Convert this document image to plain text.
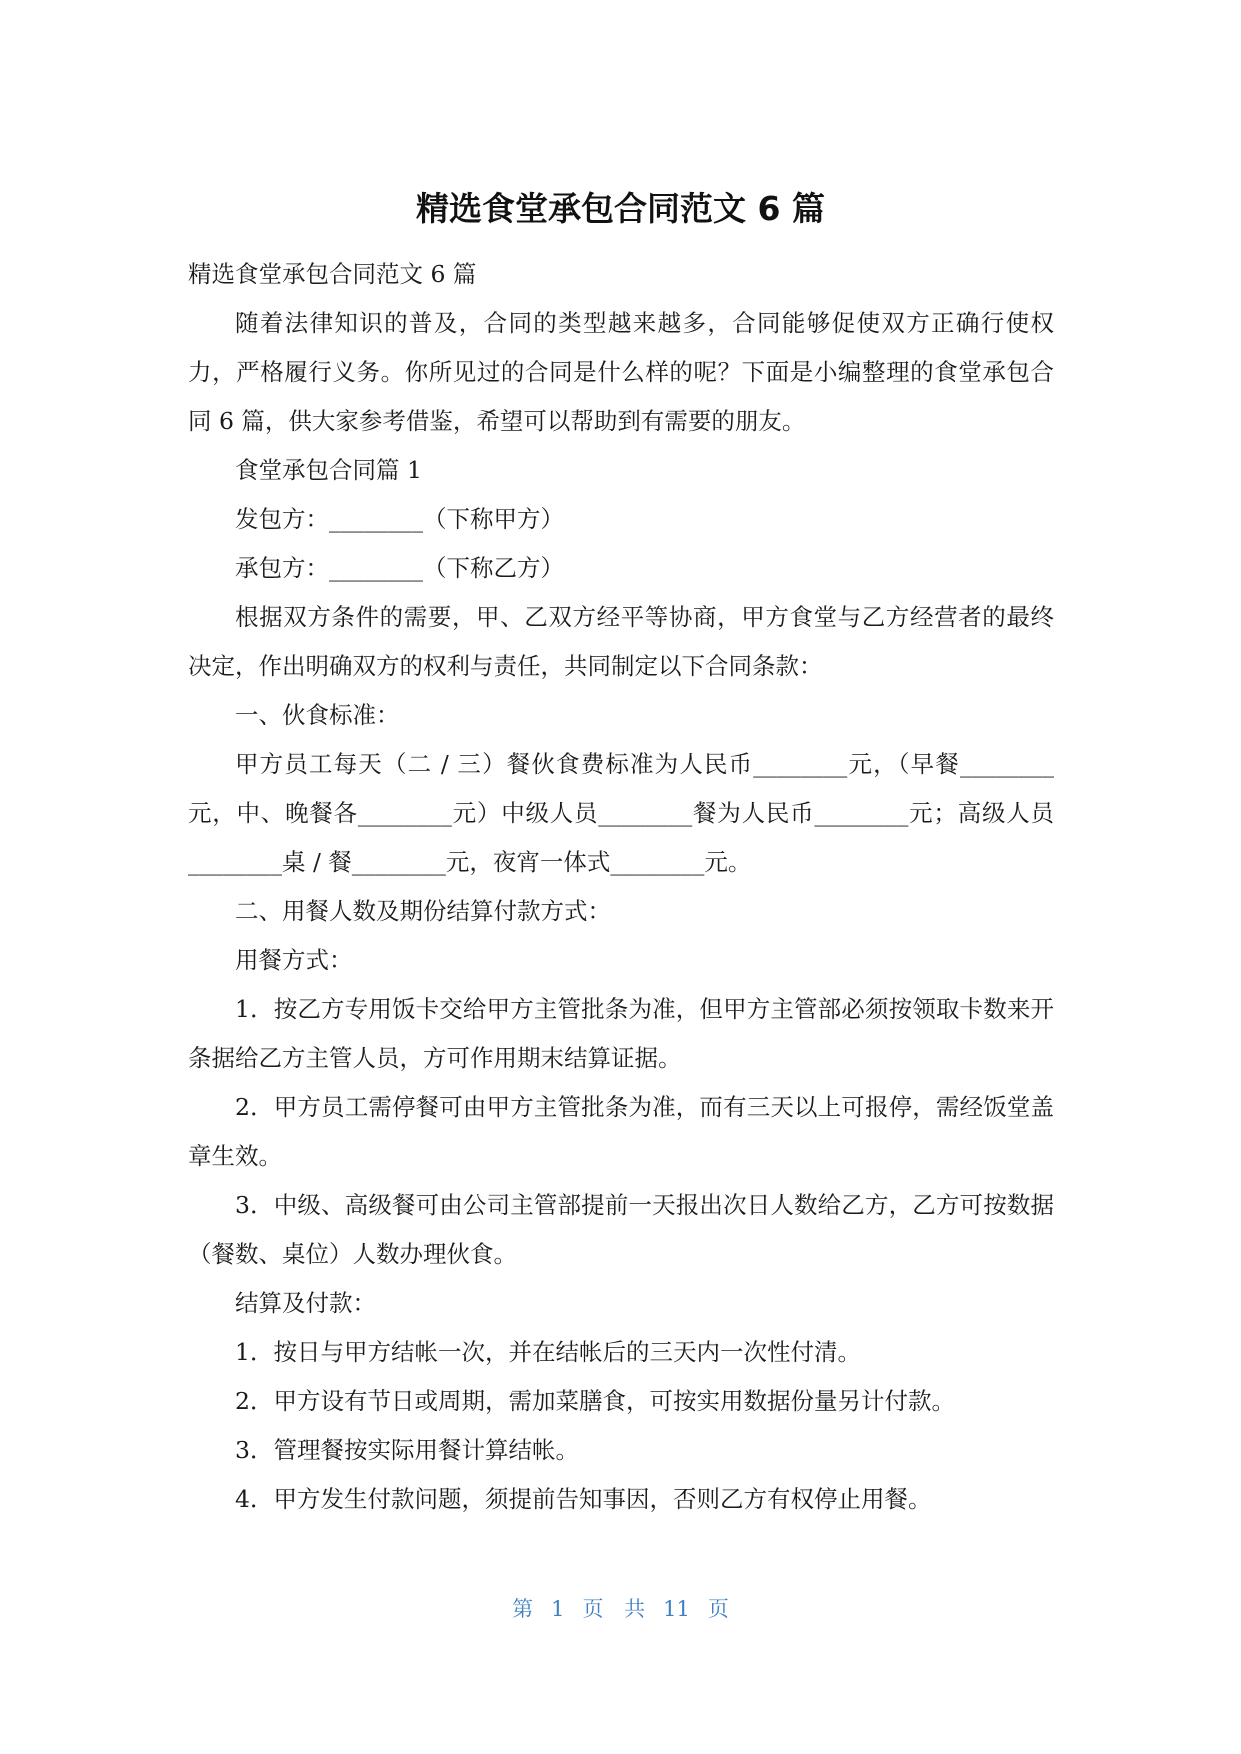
精选食堂承包合同范文 6 篇

精选食堂承包合同范文 6 篇

随着法律知识的普及，合同的类型越来越多，合同能够促使双方正确行使权力，严格履行义务。你所见过的合同是什么样的呢？下面是小编整理的食堂承包合同 6 篇，供大家参考借鉴，希望可以帮助到有需要的朋友。

食堂承包合同篇 1

发包方：________（下称甲方）

承包方：________（下称乙方）

根据双方条件的需要，甲、乙双方经平等协商，甲方食堂与乙方经营者的最终决定，作出明确双方的权利与责任，共同制定以下合同条款：

一、伙食标准：

甲方员工每天（二 / 三）餐伙食费标准为人民币________元，（早餐________元，中、晚餐各________元）中级人员________餐为人民币________元；高级人员________桌 / 餐________元，夜宵一体式________元。

二、用餐人数及期份结算付款方式：

用餐方式：

1．按乙方专用饭卡交给甲方主管批条为准，但甲方主管部必须按领取卡数来开条据给乙方主管人员，方可作用期末结算证据。

2．甲方员工需停餐可由甲方主管批条为准，而有三天以上可报停，需经饭堂盖章生效。

3．中级、高级餐可由公司主管部提前一天报出次日人数给乙方，乙方可按数据（餐数、桌位）人数办理伙食。

结算及付款：

1．按日与甲方结帐一次，并在结帐后的三天内一次性付清。

2．甲方设有节日或周期，需加菜膳食，可按实用数据份量另计付款。

3．管理餐按实际用餐计算结帐。

4．甲方发生付款问题，须提前告知事因，否则乙方有权停止用餐。

第 1 页 共 11 页
